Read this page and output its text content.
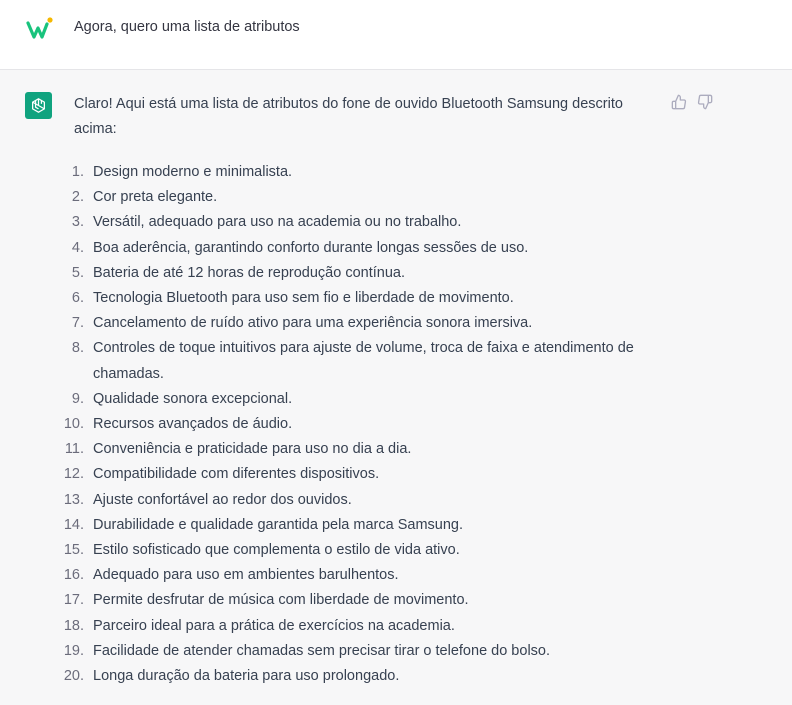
Agora, quero uma lista de atributos

Claro! Aqui está uma lista de atributos do fone de ouvido Bluetooth Samsung descrito acima:

1. Design moderno e minimalista.
2. Cor preta elegante.
3. Versátil, adequado para uso na academia ou no trabalho.
4. Boa aderência, garantindo conforto durante longas sessões de uso.
5. Bateria de até 12 horas de reprodução contínua.
6. Tecnologia Bluetooth para uso sem fio e liberdade de movimento.
7. Cancelamento de ruído ativo para uma experiência sonora imersiva.
8. Controles de toque intuitivos para ajuste de volume, troca de faixa e atendimento de chamadas.
9. Qualidade sonora excepcional.
10. Recursos avançados de áudio.
11. Conveniência e praticidade para uso no dia a dia.
12. Compatibilidade com diferentes dispositivos.
13. Ajuste confortável ao redor dos ouvidos.
14. Durabilidade e qualidade garantida pela marca Samsung.
15. Estilo sofisticado que complementa o estilo de vida ativo.
16. Adequado para uso em ambientes barulhentos.
17. Permite desfrutar de música com liberdade de movimento.
18. Parceiro ideal para a prática de exercícios na academia.
19. Facilidade de atender chamadas sem precisar tirar o telefone do bolso.
20. Longa duração da bateria para uso prolongado.
